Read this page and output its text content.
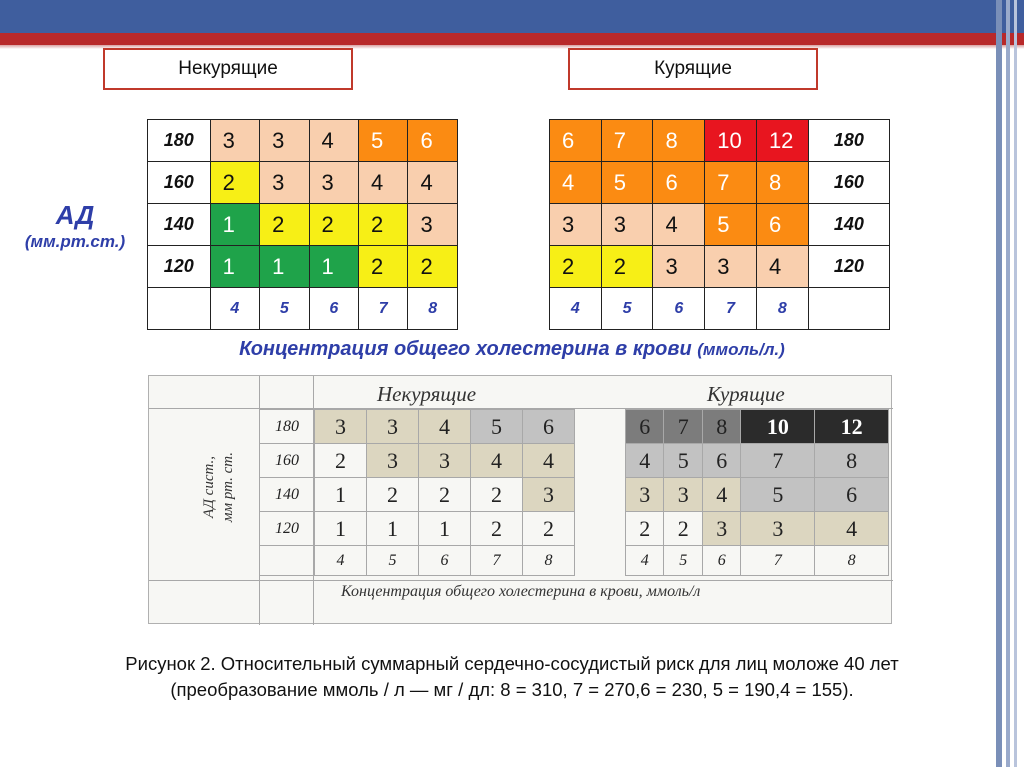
Некурящие	Курящие
АД
(мм.рт.ст.)
180	3	3	4	5	6
160	2	3	3	4	4
140	1	2	2	2	3
120	1	1	1	2	2
	4	5	6	7	8
6	7	8	10	12	180
4	5	6	7	8	160
3	3	4	5	6	140
2	2	3	3	4	120
4	5	6	7	8	
Концентрация общего холестерина в крови (ммоль/л.)
Некурящие	Курящие
АД сист., мм рт. ст.
180	3	3	4	5	6
160	2	3	3	4	4
140	1	2	2	2	3
120	1	1	1	2	2
	4	5	6	7	8
6	7	8	10	12
4	5	6	7	8
3	3	4	5	6
2	2	3	3	4
4	5	6	7	8
Концентрация общего холестерина в крови, ммоль/л
Рисунок 2. Относительный суммарный сердечно-сосудистый риск для лиц моложе 40 лет (преобразование ммоль / л — мг / дл: 8 = 310, 7 = 270,6 = 230, 5 = 190,4 = 155).
